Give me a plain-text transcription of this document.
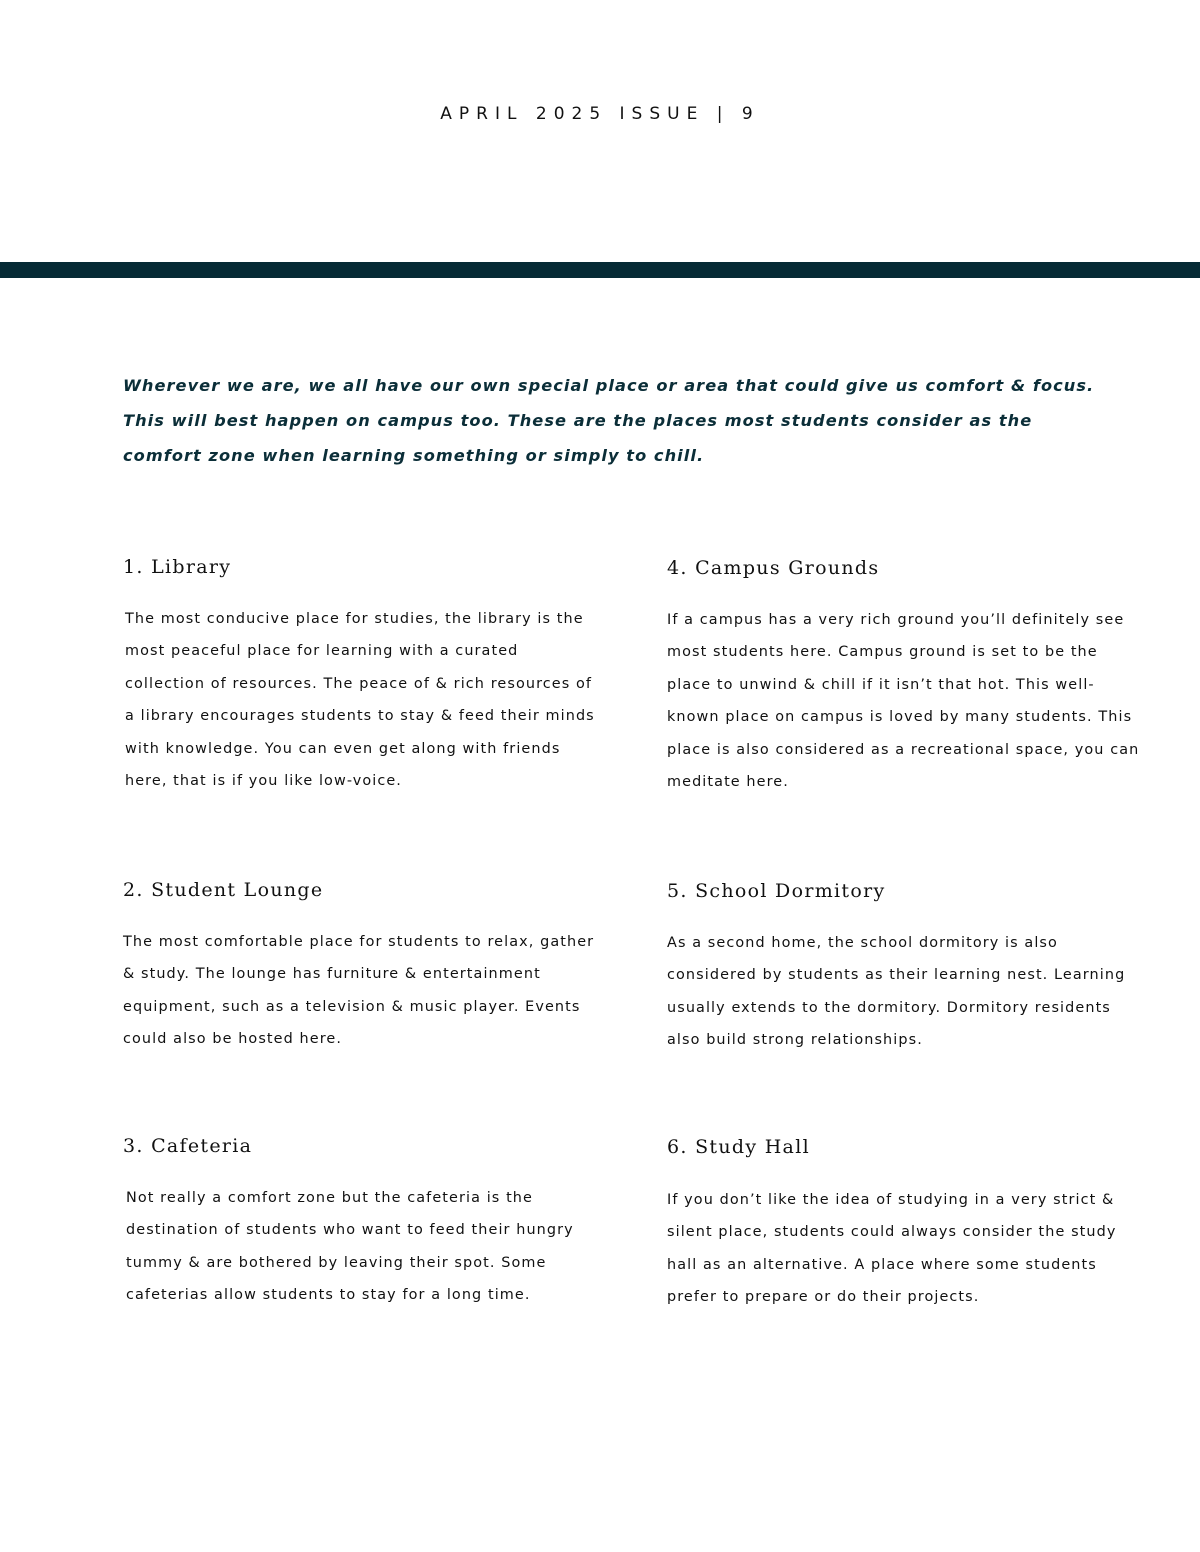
APRIL 2025 ISSUE | 9
Wherever we are, we all have our own special place or area that could give us comfort & focus. This will best happen on campus too. These are the places most students consider as the comfort zone when learning something or simply to chill.
1. Library

The most conducive place for studies, the library is the most peaceful place for learning with a curated collection of resources. The peace of & rich resources of a library encourages students to stay & feed their minds with knowledge. You can even get along with friends here, that is if you like low-voice.

2. Student Lounge

The most comfortable place for students to relax, gather & study. The lounge has furniture & entertainment equipment, such as a television & music player. Events could also be hosted here.

3. Cafeteria

Not really a comfort zone but the cafeteria is the destination of students who want to feed their hungry tummy & are bothered by leaving their spot. Some cafeterias allow students to stay for a long time.

4. Campus Grounds

If a campus has a very rich ground you’ll definitely see most students here. Campus ground is set to be the place to unwind & chill if it isn’t that hot. This well-known place on campus is loved by many students. This place is also considered as a recreational space, you can meditate here.

5. School Dormitory

As a second home, the school dormitory is also considered by students as their learning nest. Learning usually extends to the dormitory. Dormitory residents also build strong relationships.

6. Study Hall

If you don’t like the idea of studying in a very strict & silent place, students could always consider the study hall as an alternative. A place where some students prefer to prepare or do their projects.
